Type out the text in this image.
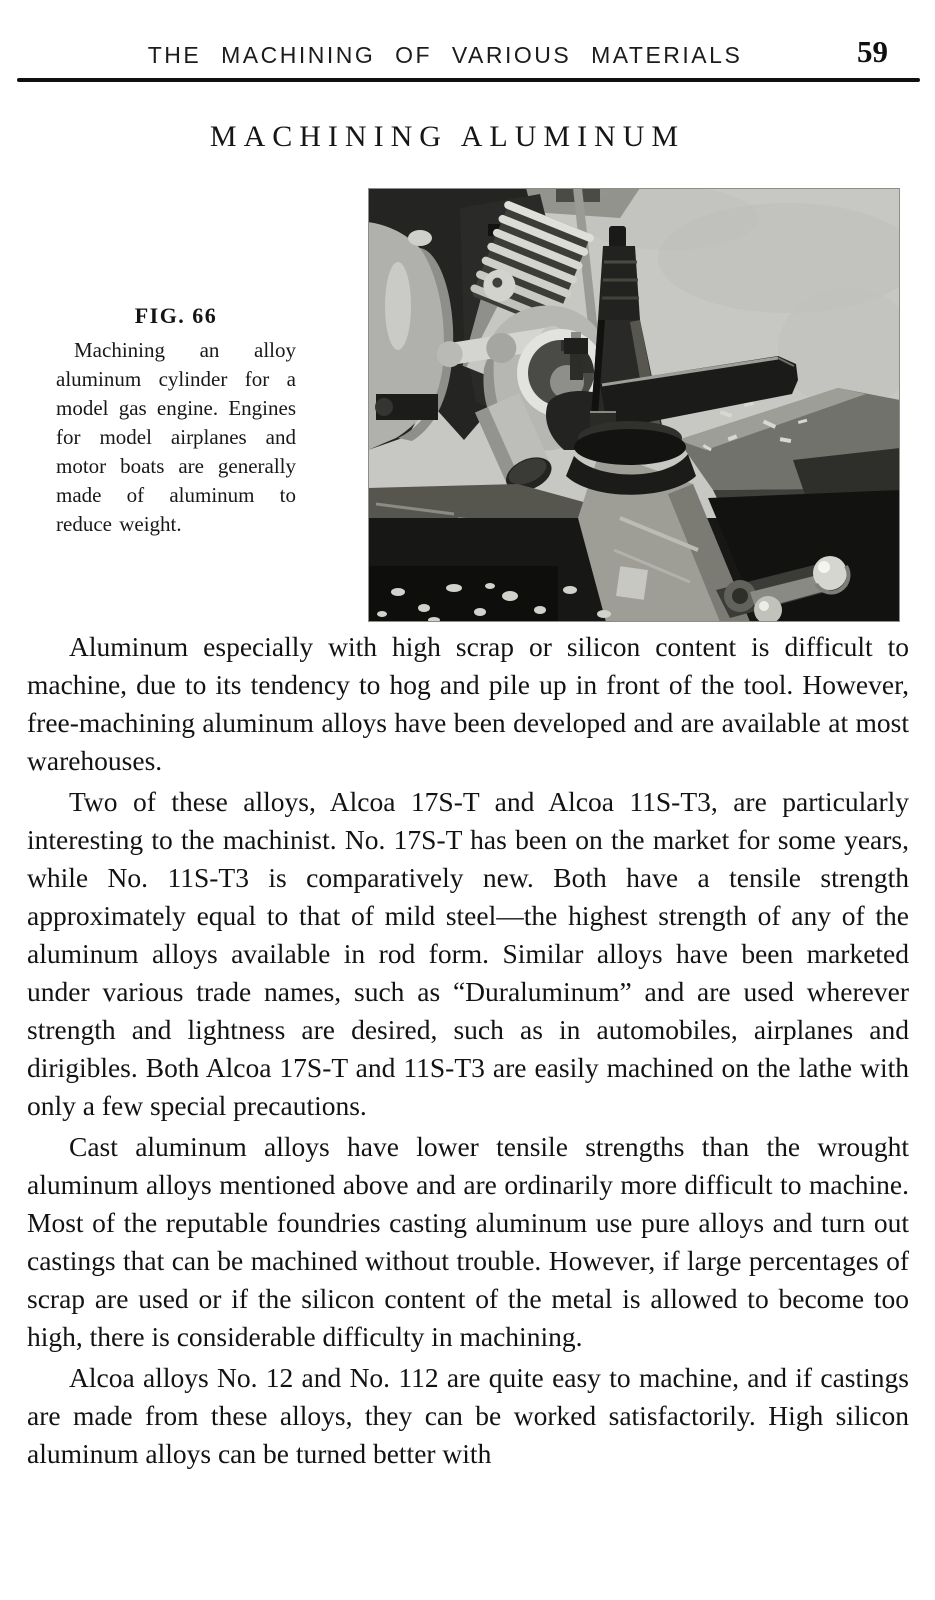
THE MACHINING OF VARIOUS MATERIALS	59
MACHINING ALUMINUM
FIG. 66

Machining an alloy aluminum cylinder for a model gas engine. Engines for model airplanes and motor boats are generally made of aluminum to reduce weight.

Aluminum especially with high scrap or silicon content is difficult to machine, due to its tendency to hog and pile up in front of the tool. However, free-machining aluminum alloys have been developed and are available at most warehouses.

Two of these alloys, Alcoa 17S-T and Alcoa 11S-T3, are particularly interesting to the machinist. No. 17S-T has been on the market for some years, while No. 11S-T3 is comparatively new. Both have a tensile strength approximately equal to that of mild steel—the highest strength of any of the aluminum alloys available in rod form. Similar alloys have been marketed under various trade names, such as “Duraluminum” and are used wherever strength and lightness are desired, such as in automobiles, airplanes and dirigibles. Both Alcoa 17S-T and 11S-T3 are easily machined on the lathe with only a few special precautions.

Cast aluminum alloys have lower tensile strengths than the wrought aluminum alloys mentioned above and are ordinarily more difficult to machine. Most of the reputable foundries casting aluminum use pure alloys and turn out castings that can be machined without trouble. However, if large percentages of scrap are used or if the silicon content of the metal is allowed to become too high, there is considerable difficulty in machining.

Alcoa alloys No. 12 and No. 112 are quite easy to machine, and if castings are made from these alloys, they can be worked satisfactorily. High silicon aluminum alloys can be turned better with
